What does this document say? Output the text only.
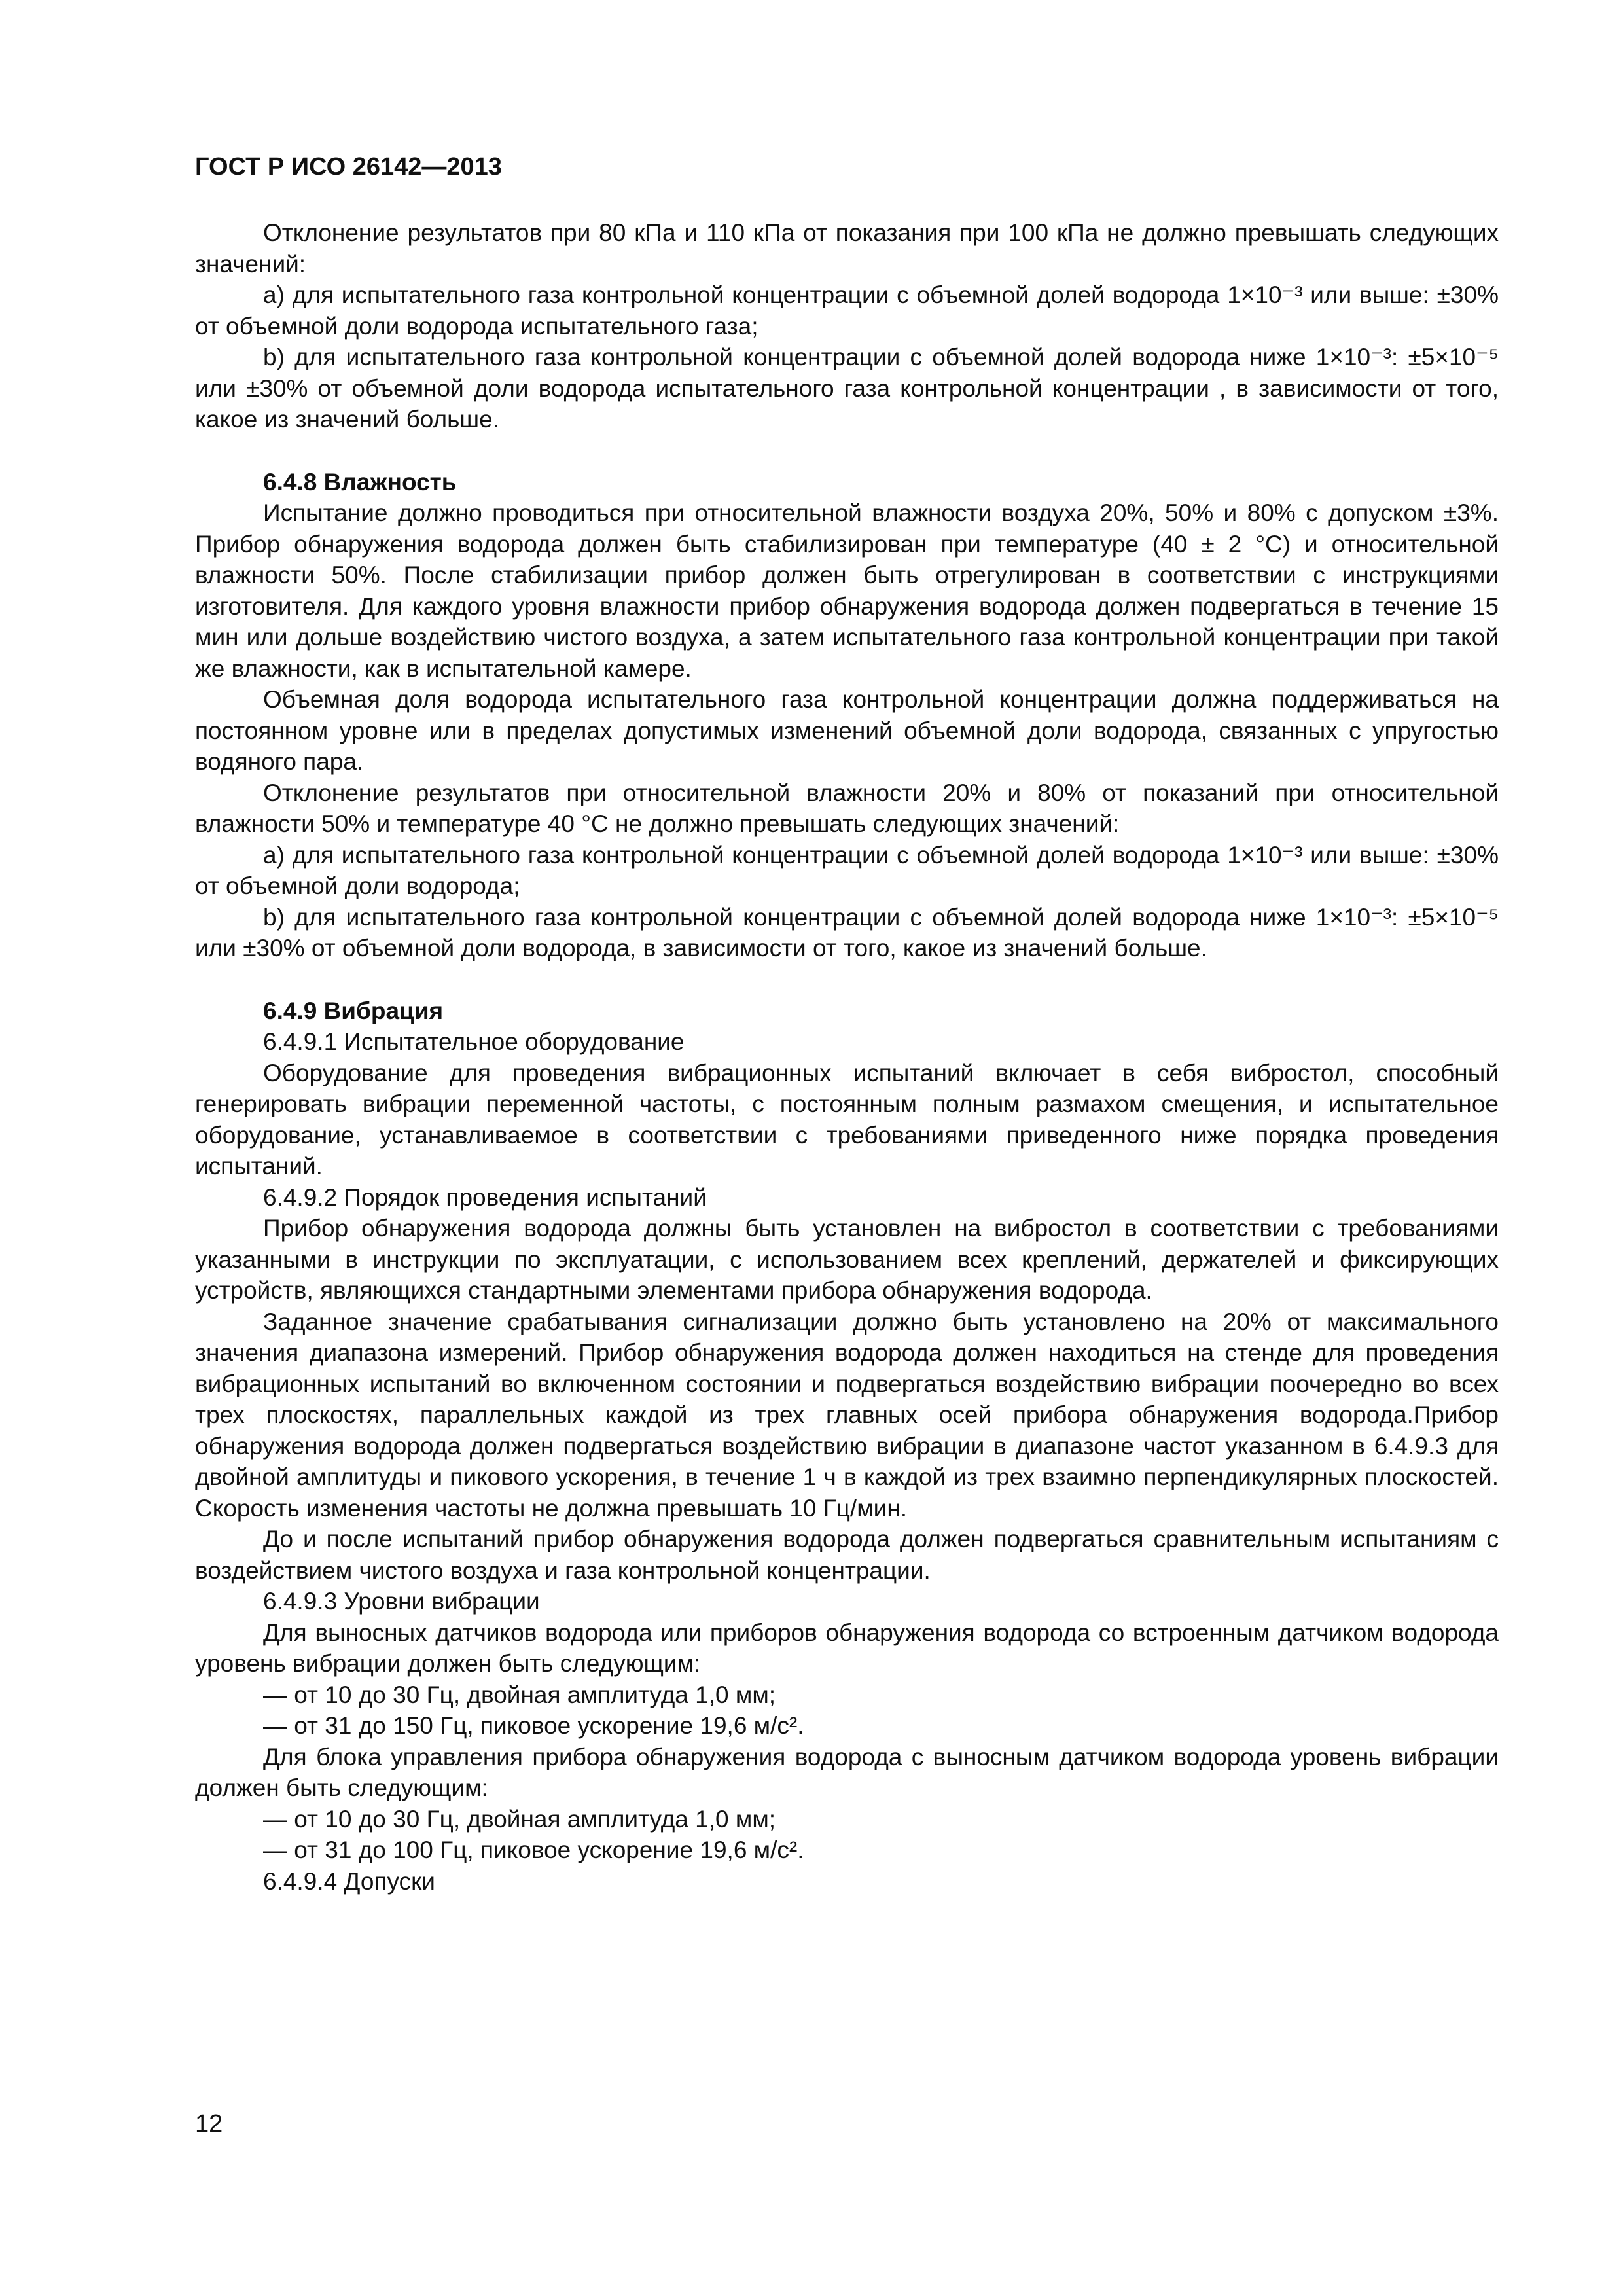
ГОСТ Р ИСО 26142—2013

Отклонение результатов при 80 кПа и 110 кПа от показания при 100 кПа не должно превышать следующих значений:

a) для испытательного газа контрольной концентрации с объемной долей водорода 1×10⁻³ или выше: ±30% от объемной доли водорода испытательного газа;

b) для испытательного газа контрольной концентрации с объемной долей водорода ниже 1×10⁻³: ±5×10⁻⁵ или ±30% от объемной доли водорода испытательного газа контрольной концентрации , в зависимости от того, какое из значений больше.

6.4.8 Влажность

Испытание должно проводиться при относительной влажности воздуха 20%, 50% и 80% с допуском ±3%. Прибор обнаружения водорода должен быть стабилизирован при температуре (40 ± 2 °C) и относительной влажности 50%. После стабилизации прибор должен быть отрегулирован в соответствии с инструкциями изготовителя. Для каждого уровня влажности прибор обнаружения водорода должен подвергаться в течение 15 мин или дольше воздействию чистого воздуха, а затем испытательного газа контрольной концентрации при такой же влажности, как в испытательной камере.

Объемная доля водорода испытательного газа контрольной концентрации должна поддерживаться на постоянном уровне или в пределах допустимых изменений объемной доли водорода, связанных с упругостью водяного пара.

Отклонение результатов при относительной влажности 20% и 80% от показаний при относительной влажности 50% и температуре 40 °C не должно превышать следующих значений:

a) для испытательного газа контрольной концентрации с объемной долей водорода 1×10⁻³ или выше: ±30% от объемной доли водорода;

b) для испытательного газа контрольной концентрации с объемной долей водорода ниже 1×10⁻³: ±5×10⁻⁵ или ±30% от объемной доли водорода, в зависимости от того, какое из значений больше.

6.4.9 Вибрация

6.4.9.1 Испытательное оборудование

Оборудование для проведения вибрационных испытаний включает в себя вибростол, способный генерировать вибрации переменной частоты, с постоянным полным размахом смещения, и испытательное оборудование, устанавливаемое в соответствии с требованиями приведенного ниже порядка проведения испытаний.

6.4.9.2 Порядок проведения испытаний

Прибор обнаружения водорода должны быть установлен на вибростол в соответствии с требованиями указанными в инструкции по эксплуатации, с использованием всех креплений, держателей и фиксирующих устройств, являющихся стандартными элементами прибора обнаружения водорода.

Заданное значение срабатывания сигнализации должно быть установлено на 20% от максимального значения диапазона измерений. Прибор обнаружения водорода должен находиться на стенде для проведения вибрационных испытаний во включенном состоянии и подвергаться воздействию вибрации поочередно во всех трех плоскостях, параллельных каждой из трех главных осей прибора обнаружения водорода.Прибор обнаружения водорода должен подвергаться воздействию вибрации в диапазоне частот указанном в 6.4.9.3 для двойной амплитуды и пикового ускорения, в течение 1 ч в каждой из трех взаимно перпендикулярных плоскостей. Скорость изменения частоты не должна превышать 10 Гц/мин.

До и после испытаний прибор обнаружения водорода должен подвергаться сравнительным испытаниям с воздействием чистого воздуха и газа контрольной концентрации.

6.4.9.3 Уровни вибрации

Для выносных датчиков водорода или приборов обнаружения водорода со встроенным датчиком водорода уровень вибрации должен быть следующим:

— от 10 до 30 Гц, двойная амплитуда 1,0 мм;

— от 31 до 150 Гц, пиковое ускорение 19,6 м/с².

Для блока управления прибора обнаружения водорода с выносным датчиком водорода уровень вибрации должен быть следующим:

— от 10 до 30 Гц, двойная амплитуда 1,0 мм;

— от 31 до 100 Гц, пиковое ускорение 19,6 м/с².

6.4.9.4 Допуски

12
